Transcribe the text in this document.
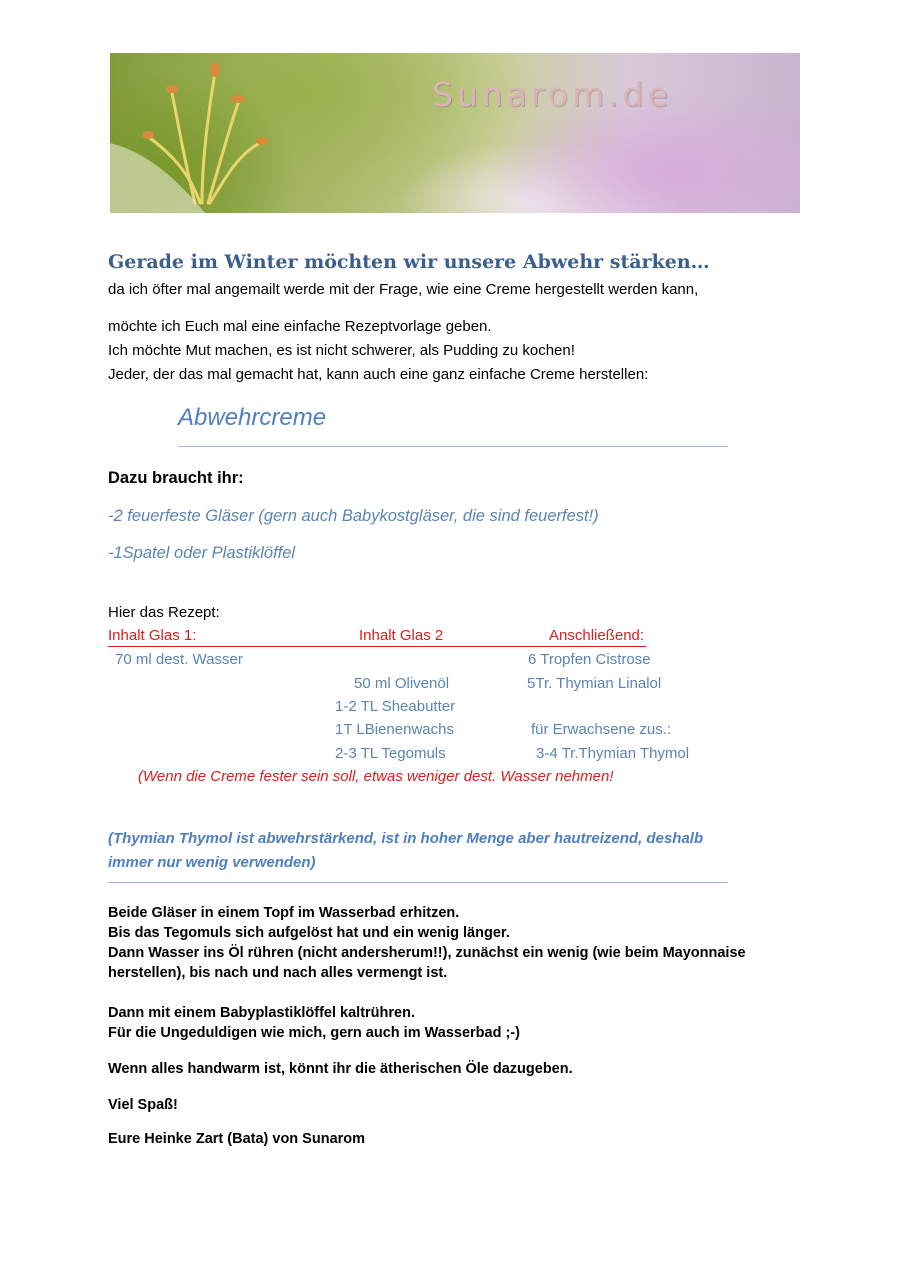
Sunarom.de
Gerade im Winter möchten wir unsere Abwehr stärken…
da ich öfter mal angemailt werde mit der Frage, wie eine Creme hergestellt werden kann,
möchte ich Euch mal eine einfache Rezeptvorlage geben.
Ich möchte Mut machen, es ist nicht schwerer, als Pudding zu kochen!
Jeder, der das mal gemacht hat, kann auch eine ganz einfache Creme herstellen:
Abwehrcreme
Dazu braucht ihr:
-2 feuerfeste Gläser (gern auch Babykostgläser, die sind feuerfest!)
-1Spatel oder Plastiklöffel
Hier das Rezept:
Inhalt Glas 1:	Inhalt Glas 2	Anschließend:
70 ml dest. Wasser
50 ml Olivenöl
1-2 TL Sheabutter
1T LBienenwachs
2-3 TL Tegomuls
6 Tropfen Cistrose
5Tr. Thymian Linalol
für Erwachsene zus.:
3-4 Tr.Thymian Thymol
(Wenn die Creme fester sein soll, etwas weniger dest. Wasser nehmen!
(Thymian Thymol ist abwehrstärkend, ist in hoher Menge aber hautreizend, deshalb
immer nur wenig verwenden)
Beide Gläser in einem Topf im Wasserbad erhitzen.
Bis das Tegomuls sich aufgelöst hat und ein wenig länger.
Dann Wasser ins Öl rühren (nicht andersherum!!), zunächst ein wenig (wie beim Mayonnaise
herstellen), bis nach und nach alles vermengt ist.
Dann mit einem Babyplastiklöffel kaltrühren.
Für die Ungeduldigen wie mich, gern auch im Wasserbad ;-)
Wenn alles handwarm ist, könnt ihr die ätherischen Öle dazugeben.
Viel Spaß!
Eure Heinke Zart (Bata) von Sunarom
